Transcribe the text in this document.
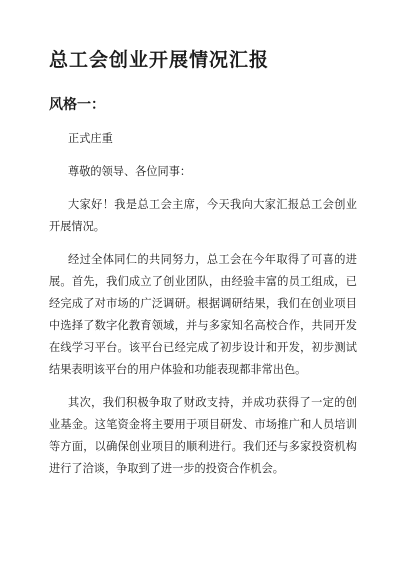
总工会创业开展情况汇报
风格一：

正式庄重

尊敬的领导、各位同事：

大家好！我是总工会主席，今天我向大家汇报总工会创业开展情况。

经过全体同仁的共同努力，总工会在今年取得了可喜的进展。首先，我们成立了创业团队，由经验丰富的员工组成，已经完成了对市场的广泛调研。根据调研结果，我们在创业项目中选择了数字化教育领域，并与多家知名高校合作，共同开发在线学习平台。该平台已经完成了初步设计和开发，初步测试结果表明该平台的用户体验和功能表现都非常出色。

其次，我们积极争取了财政支持，并成功获得了一定的创业基金。这笔资金将主要用于项目研发、市场推广和人员培训等方面，以确保创业项目的顺利进行。我们还与多家投资机构进行了洽谈，争取到了进一步的投资合作机会。
